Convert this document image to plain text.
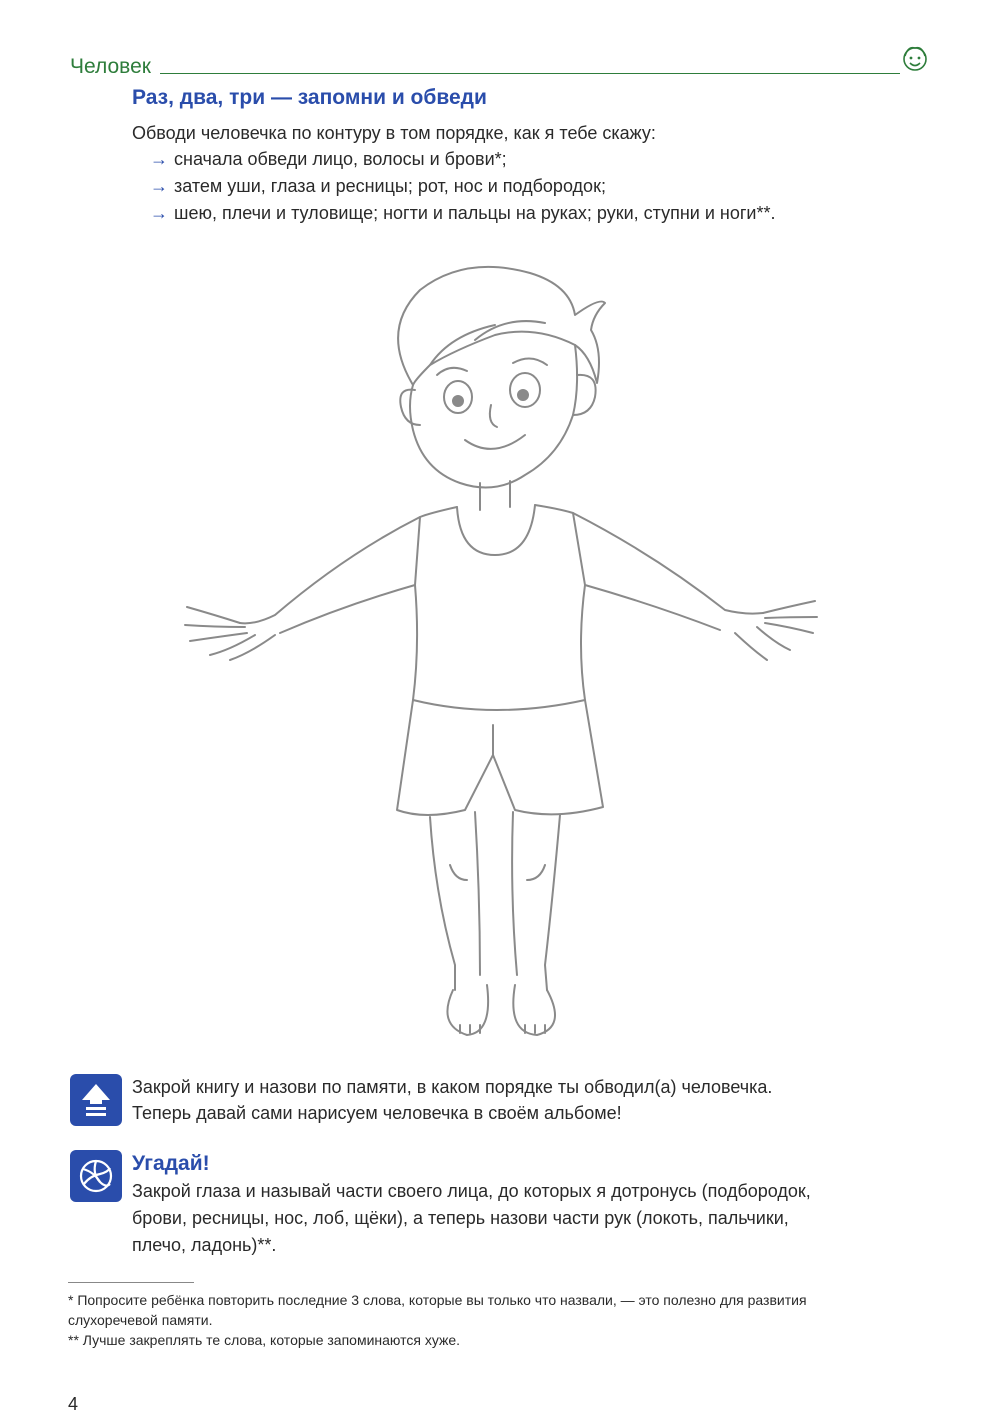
Человек
Раз, два, три — запомни и обведи
Обводи человечка по контуру в том порядке, как я тебе скажу:
→ сначала обведи лицо, волосы и брови*;
→ затем уши, глаза и ресницы; рот, нос и подбородок;
→ шею, плечи и туловище; ногти и пальцы на руках; руки, ступни и ноги**.
Закрой книгу и назови по памяти, в каком порядке ты обводил(а) человечка.
Теперь давай сами нарисуем человечка в своём альбоме!
Угадай!
Закрой глаза и называй части своего лица, до которых я дотронусь (подбородок,
брови, ресницы, нос, лоб, щёки), а теперь назови части рук (локоть, пальчики,
плечо, ладонь)**.

* Попросите ребёнка повторить последние 3 слова, которые вы только что назвали, — это полезно для развития

слухоречевой памяти.

** Лучше закреплять те слова, которые запоминаются хуже.

4
